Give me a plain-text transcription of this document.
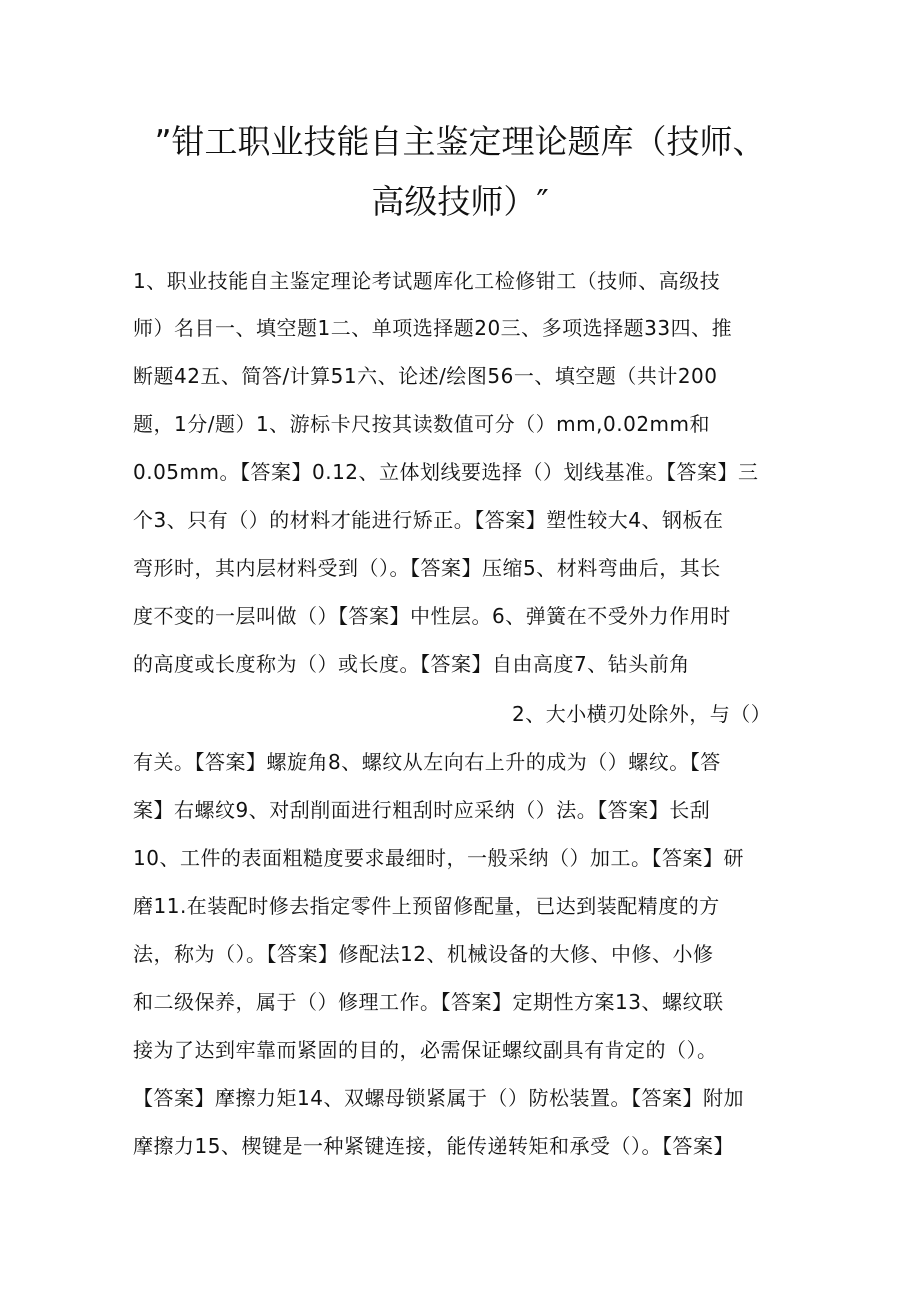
”钳工职业技能自主鉴定理论题库（技师、
高级技师）″
1、职业技能自主鉴定理论考试题库化工检修钳工（技师、高级技
师）名目一、填空题1二、单项选择题20三、多项选择题33四、推
断题42五、简答/计算51六、论述/绘图56一、填空题（共计200
题，1分/题）1、游标卡尺按其读数值可分（）mm,0.02mm和
0.05mm。【答案】0.12、立体划线要选择（）划线基准。【答案】三
个3、只有（）的材料才能进行矫正。【答案】塑性较大4、钢板在
弯形时，其内层材料受到（）。【答案】压缩5、材料弯曲后，其长
度不变的一层叫做（）【答案】中性层。6、弹簧在不受外力作用时
的高度或长度称为（）或长度。【答案】自由高度7、钻头前角
2、大小横刃处除外，与（）
有关。【答案】螺旋角8、螺纹从左向右上升的成为（）螺纹。【答
案】右螺纹9、对刮削面进行粗刮时应采纳（）法。【答案】长刮
10、工件的表面粗糙度要求最细时，一般采纳（）加工。【答案】研
磨11.在装配时修去指定零件上预留修配量，已达到装配精度的方
法，称为（）。【答案】修配法12、机械设备的大修、中修、小修
和二级保养，属于（）修理工作。【答案】定期性方案13、螺纹联
接为了达到牢靠而紧固的目的，必需保证螺纹副具有肯定的（）。
【答案】摩擦力矩14、双螺母锁紧属于（）防松装置。【答案】附加
摩擦力15、楔键是一种紧键连接，能传递转矩和承受（）。【答案】
